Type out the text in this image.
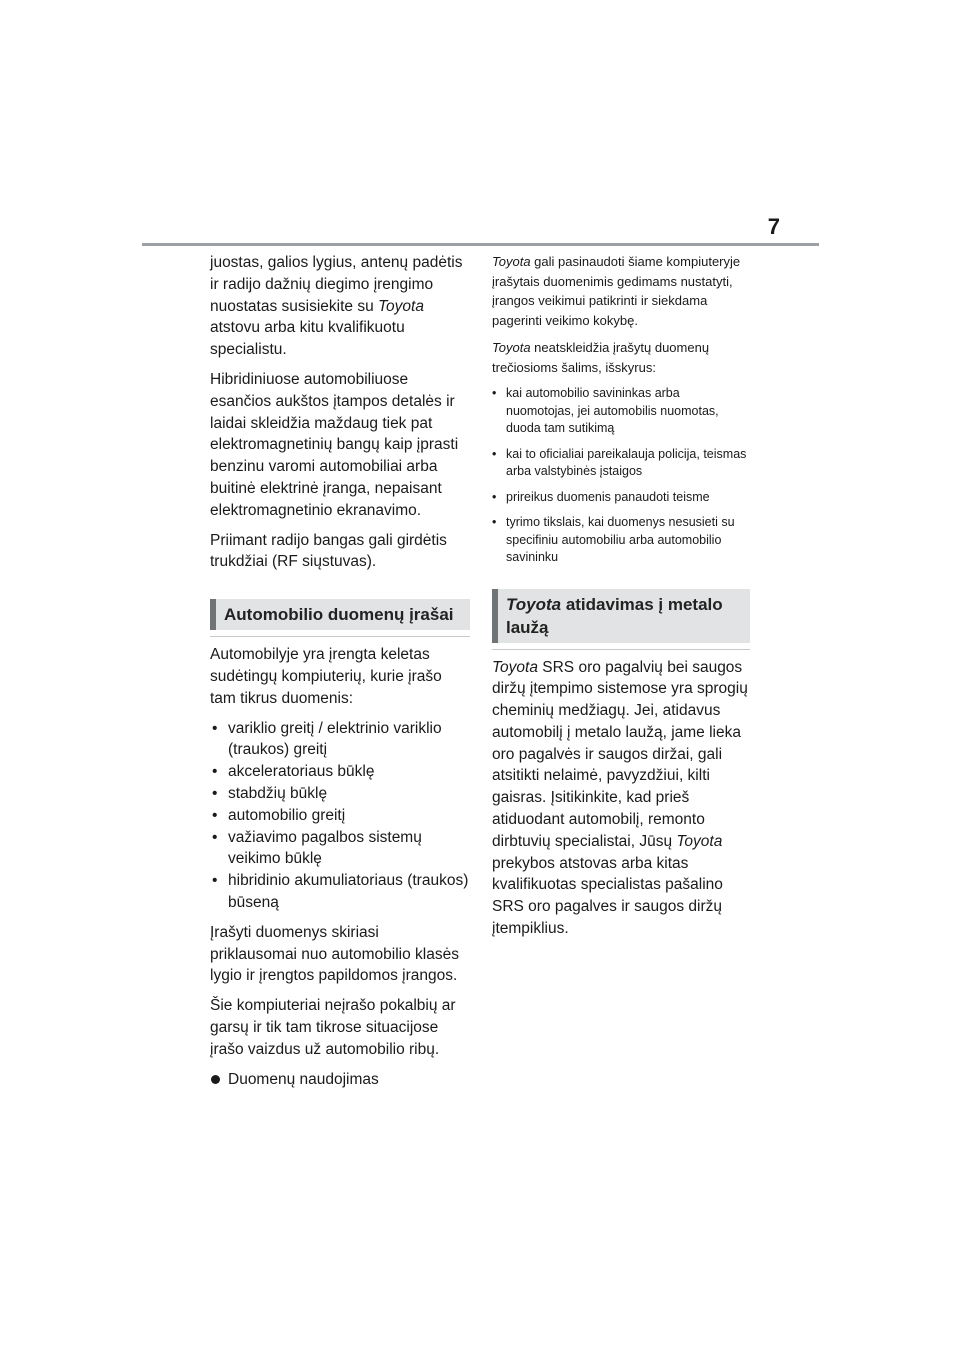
7

juostas, galios lygius, antenų padėtis ir radijo dažnių diegimo įrengimo nuostatas susisiekite su Toyota atstovu arba kitu kvalifikuotu specialistu.

Hibridiniuose automobiliuose esančios aukštos įtampos detalės ir laidai skleidžia maždaug tiek pat elektromagnetinių bangų kaip įprasti benzinu varomi automobiliai arba buitinė elektrinė įranga, nepaisant elektromagnetinio ekranavimo.

Priimant radijo bangas gali girdėtis trukdžiai (RF siųstuvas).

Automobilio duomenų įrašai

Automobilyje yra įrengta keletas sudėtingų kompiuterių, kurie įrašo tam tikrus duomenis:

• variklio greitį / elektrinio variklio (traukos) greitį
• akceleratoriaus būklę
• stabdžių būklę
• automobilio greitį
• važiavimo pagalbos sistemų veikimo būklę
• hibridinio akumuliatoriaus (traukos) būseną

Įrašyti duomenys skiriasi priklausomai nuo automobilio klasės lygio ir įrengtos papildomos įrangos.

Šie kompiuteriai neįrašo pokalbių ar garsų ir tik tam tikrose situacijose įrašo vaizdus už automobilio ribų.

Duomenų naudojimas

Toyota gali pasinaudoti šiame kompiuteryje įrašytais duomenimis gedimams nustatyti, įrangos veikimui patikrinti ir siekdama pagerinti veikimo kokybę.

Toyota neatskleidžia įrašytų duomenų trečiosioms šalims, išskyrus:

• kai automobilio savininkas arba nuomotojas, jei automobilis nuomotas, duoda tam sutikimą
• kai to oficialiai pareikalauja policija, teismas arba valstybinės įstaigos
• prireikus duomenis panaudoti teisme
• tyrimo tikslais, kai duomenys nesusieti su specifiniu automobiliu arba automobilio savininku
Toyota atidavimas į metalo laužą

Toyota SRS oro pagalvių bei saugos diržų įtempimo sistemose yra sprogių cheminių medžiagų. Jei, atidavus automobilį į metalo laužą, jame lieka oro pagalvės ir saugos diržai, gali atsitikti nelaimė, pavyzdžiui, kilti gaisras. Įsitikinkite, kad prieš atiduodant automobilį, remonto dirbtuvių specialistai, Jūsų Toyota prekybos atstovas arba kitas kvalifikuotas specialistas pašalino SRS oro pagalves ir saugos diržų įtempiklius.
